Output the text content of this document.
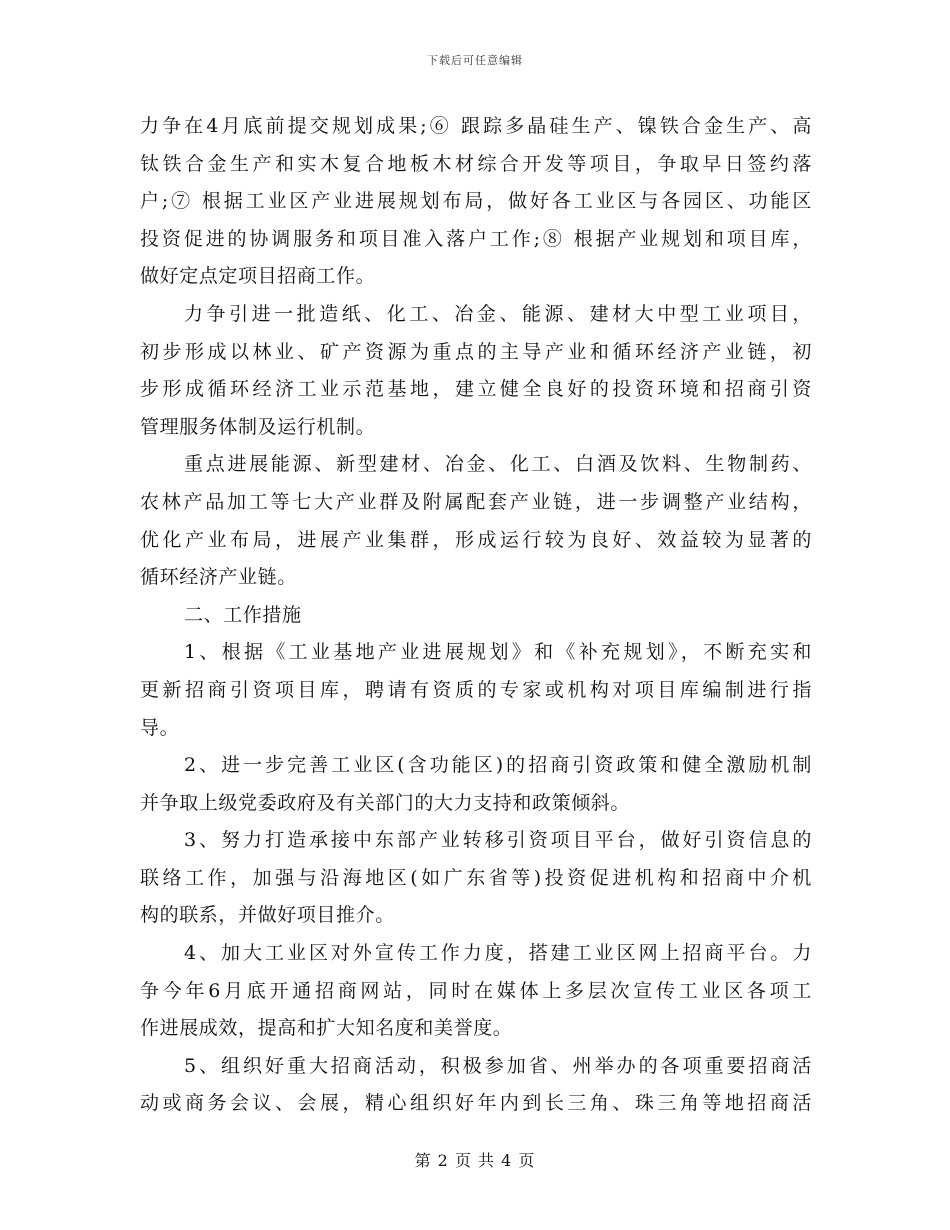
下载后可任意编辑
力争在4月底前提交规划成果;⑥ 跟踪多晶硅生产、镍铁合金生产、高
钛铁合金生产和实木复合地板木材综合开发等项目，争取早日签约落
户;⑦ 根据工业区产业进展规划布局，做好各工业区与各园区、功能区
投资促进的协调服务和项目准入落户工作;⑧ 根据产业规划和项目库，
做好定点定项目招商工作。
力争引进一批造纸、化工、冶金、能源、建材大中型工业项目，
初步形成以林业、矿产资源为重点的主导产业和循环经济产业链，初
步形成循环经济工业示范基地，建立健全良好的投资环境和招商引资
管理服务体制及运行机制。
重点进展能源、新型建材、冶金、化工、白酒及饮料、生物制药、
农林产品加工等七大产业群及附属配套产业链，进一步调整产业结构，
优化产业布局，进展产业集群，形成运行较为良好、效益较为显著的
循环经济产业链。
二、工作措施
1、根据《工业基地产业进展规划》和《补充规划》，不断充实和
更新招商引资项目库，聘请有资质的专家或机构对项目库编制进行指
导。
2、进一步完善工业区(含功能区)的招商引资政策和健全激励机制
并争取上级党委政府及有关部门的大力支持和政策倾斜。
3、努力打造承接中东部产业转移引资项目平台，做好引资信息的
联络工作，加强与沿海地区(如广东省等)投资促进机构和招商中介机
构的联系，并做好项目推介。
4、加大工业区对外宣传工作力度，搭建工业区网上招商平台。力
争今年6月底开通招商网站，同时在媒体上多层次宣传工业区各项工
作进展成效，提高和扩大知名度和美誉度。
5、组织好重大招商活动，积极参加省、州举办的各项重要招商活
动或商务会议、会展，精心组织好年内到长三角、珠三角等地招商活
第 2 页 共 4 页
